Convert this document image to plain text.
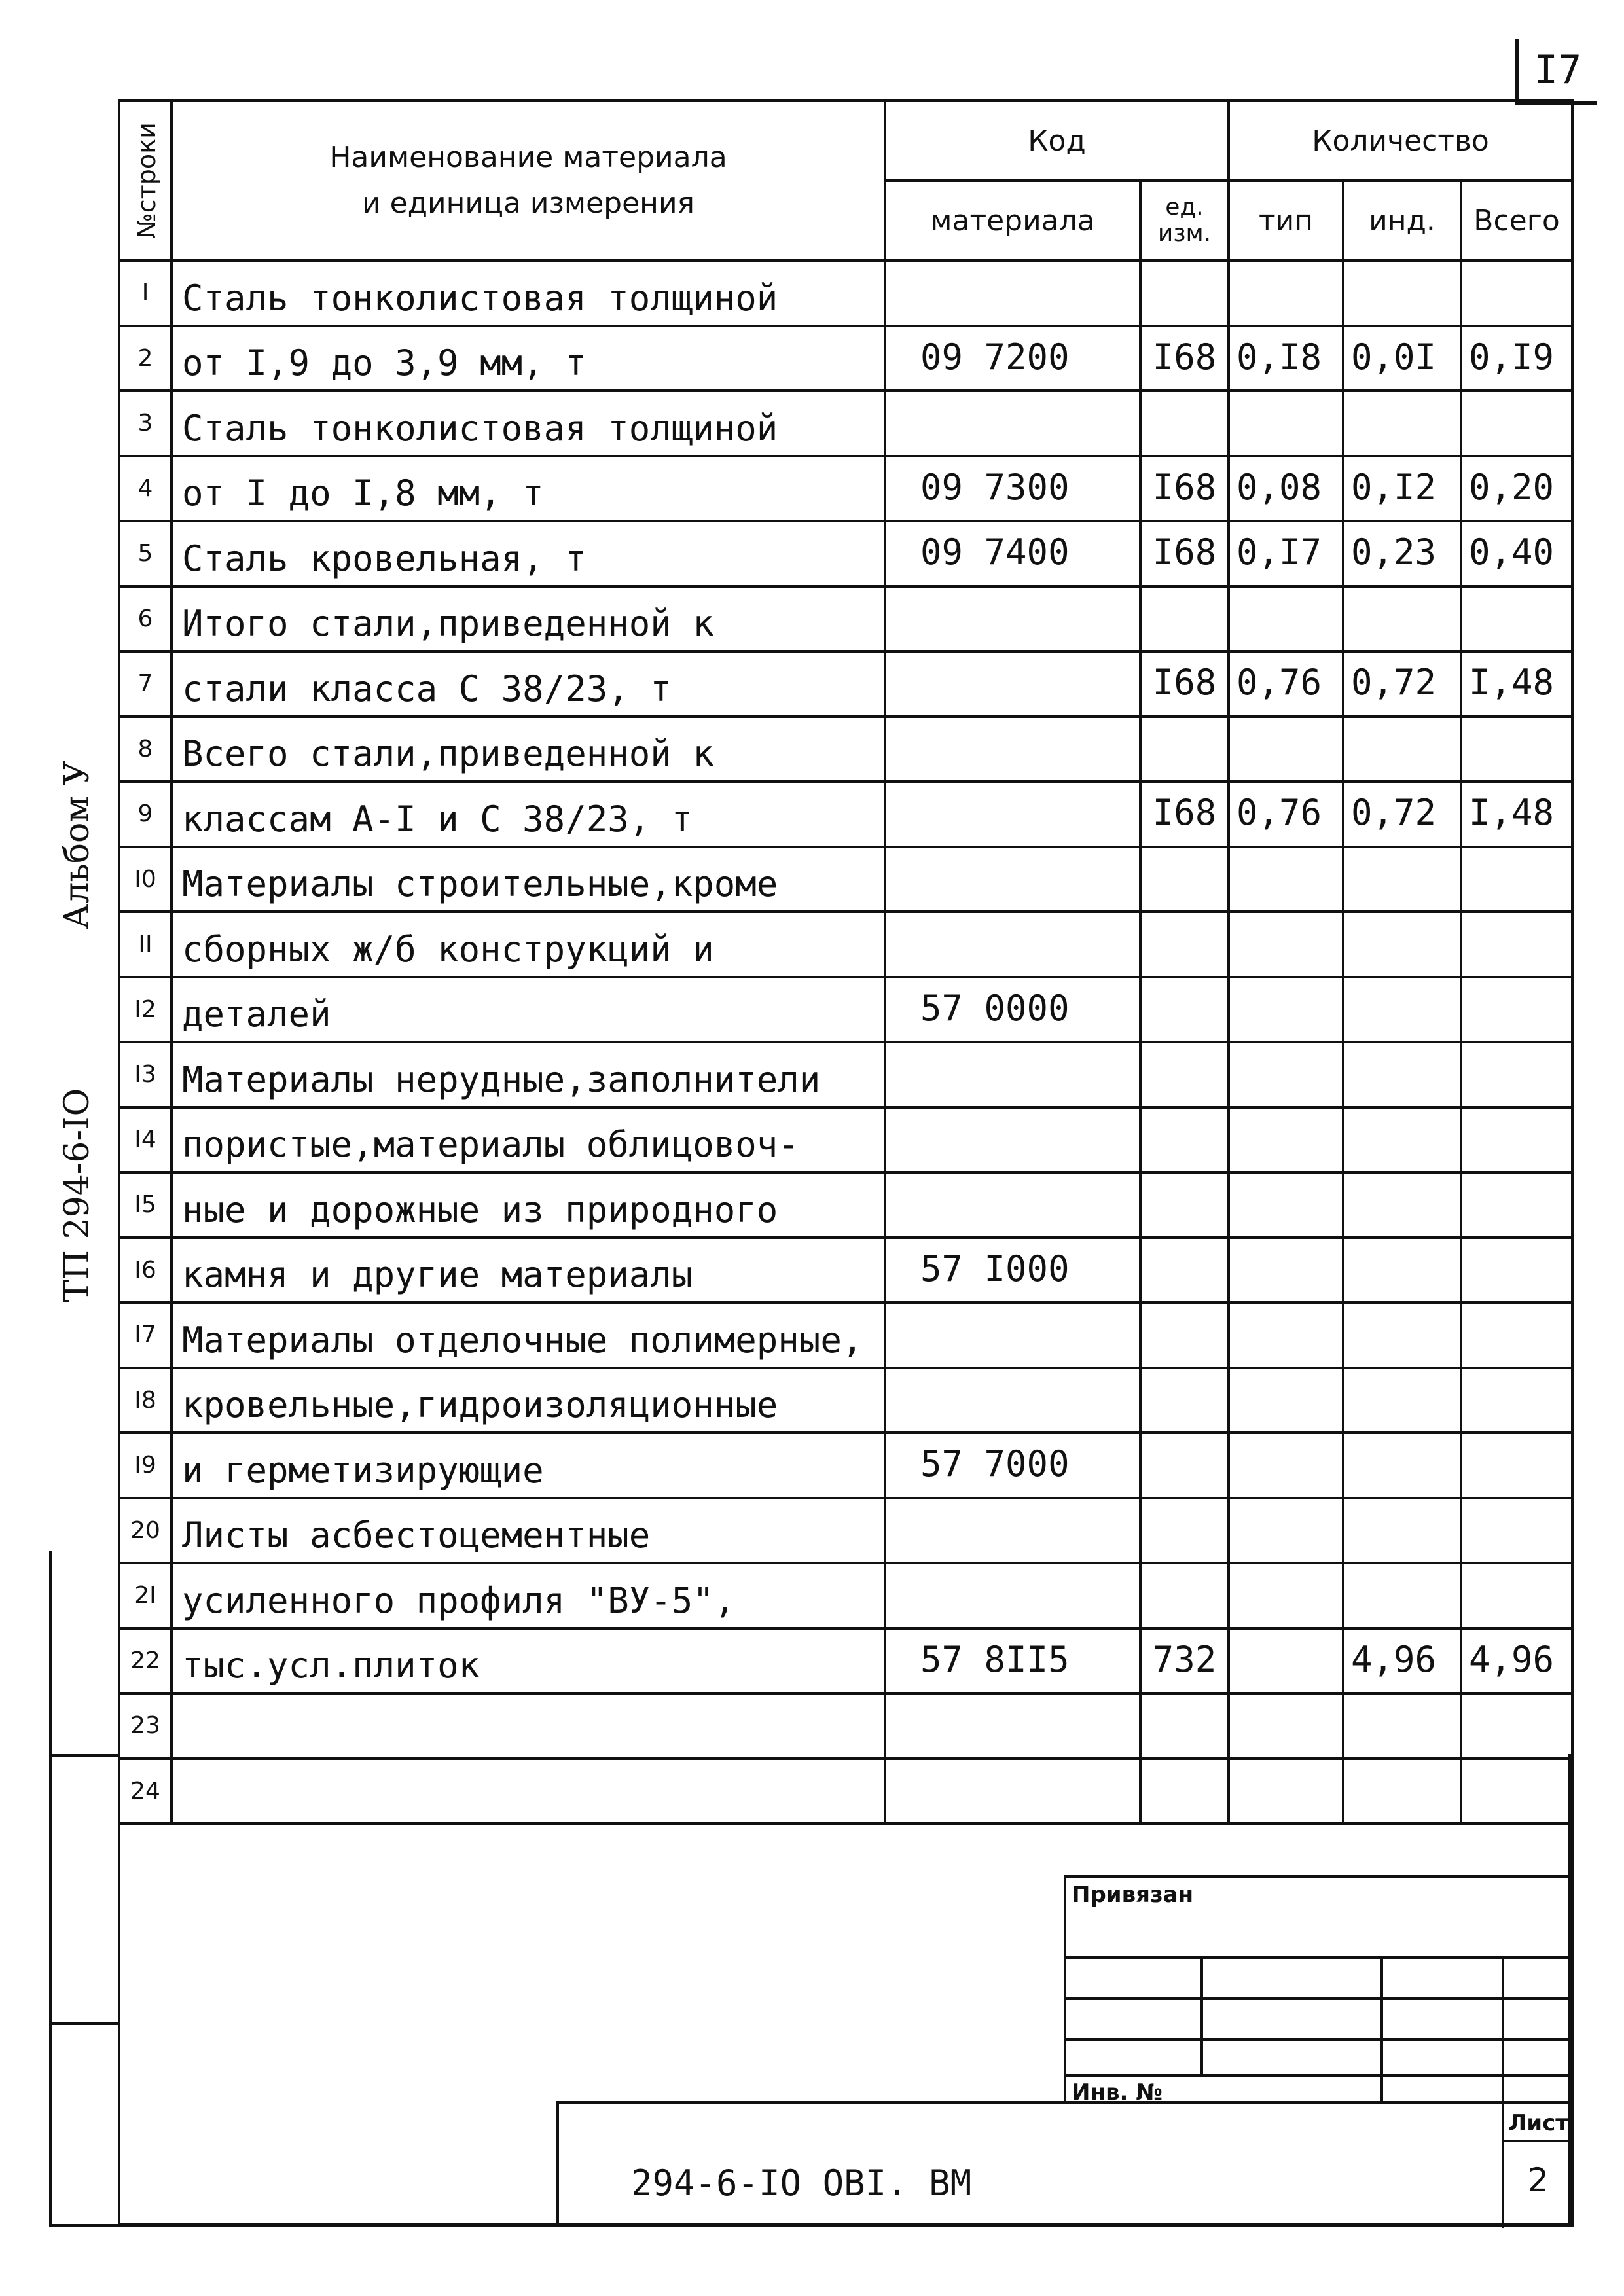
I7
Альбом У
ТП 294-6-IO
№строки	Наименование материала
и единица измерения	Код		Количество		
		материала	ед. изм.	тип	инд.	Всего
I	Сталь тонколистовая толщиной					
2	от I,9 до 3,9 мм, т	09 7200	I68	0,I8	0,0I	0,I9
3	Сталь тонколистовая толщиной					
4	от I до I,8 мм, т	09 7300	I68	0,08	0,I2	0,20
5	Сталь кровельная, т	09 7400	I68	0,I7	0,23	0,40
6	Итого стали,приведенной к					
7	стали класса С 38/23, т		I68	0,76	0,72	I,48
8	Всего стали,приведенной к					
9	классам А-I и С 38/23, т		I68	0,76	0,72	I,48
I0	Материалы строительные,кроме					
II	сборных ж/б конструкций и					
I2	деталей	57 0000				
I3	Материалы нерудные,заполнители					
I4	пористые,материалы облицовоч-					
I5	ные и дорожные из природного					
I6	камня и другие материалы	57 I000				
I7	Материалы отделочные полимерные,					
I8	кровельные,гидроизоляционные					
I9	и герметизирующие	57 7000				
20	Листы асбестоцементные					
2I	усиленного профиля "ВУ-5",					
22	тыс.усл.плиток	57 8II5	732		4,96	4,96
23						
24						
Привязан
Инв. №
294-6-IO OBI. BM
Лист
2
